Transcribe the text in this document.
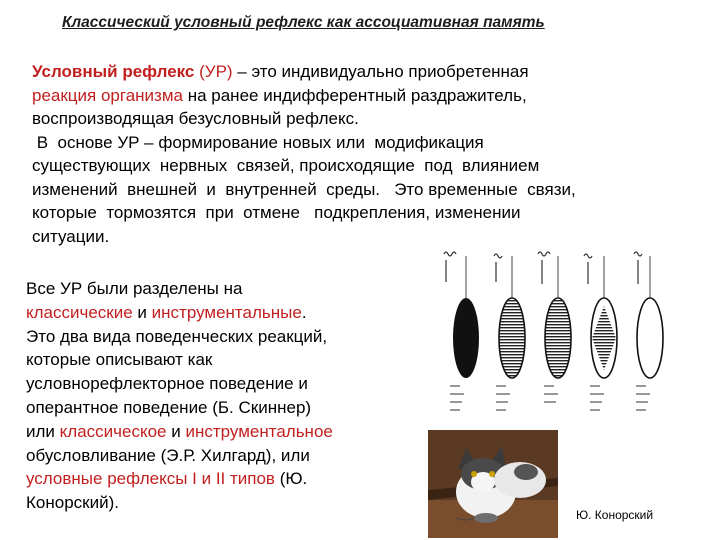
Классический условный рефлекс как ассоциативная память
Условный рефлекс (УР) – это индивидуально приобретенная
реакция организма на ранее индифферентный раздражитель,
воспроизводящая безусловный рефлекс.
В  основе УР – формирование новых или  модификация
существующих  нервных  связей, происходящие  под  влиянием
изменений  внешней  и  внутренней  среды.   Это временные  связи,
которые  тормозятся  при  отмене   подкрепления, изменении
ситуации.
Все УР были разделены на
классические и инструментальные.
Это два вида поведенческих реакций,
которые описывают как
условнорефлекторное поведение и
оперантное поведение (Б. Скиннер)
или классическое и инструментальное
обусловливание (Э.Р. Хилгард), или
условные рефлексы I и II типов (Ю.
Конорский).
Ю. Конорский
